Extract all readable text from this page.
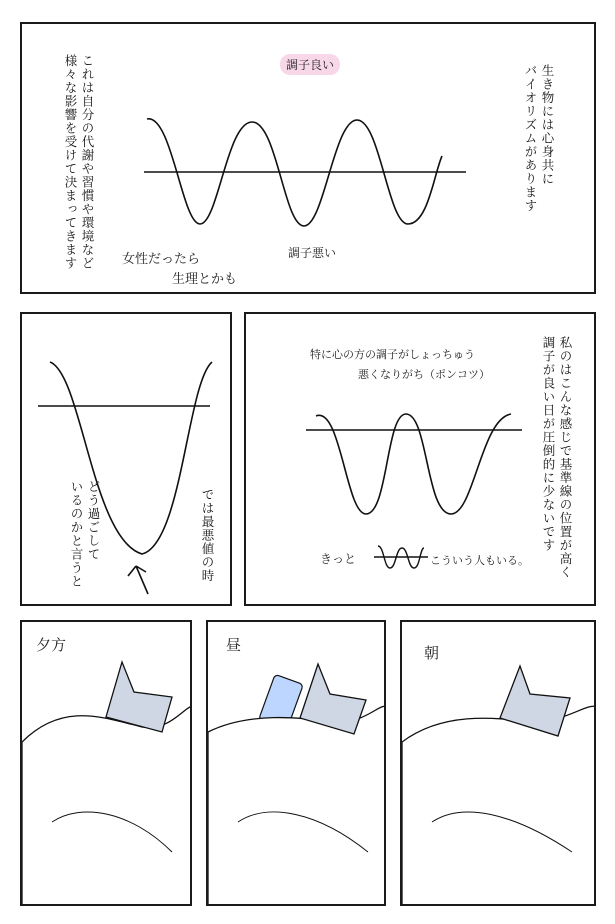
生き物には心身共に
バイオリズムがあります
これは自分の代謝や習慣や環境など
様々な影響を受けて決まってきます	調子良い
調子悪い
女性だったら
生理とかも
では最悪値の時
どう過ごして
いるのかと言うと	私のはこんな感じで基準線の位置が高く
調子が良い日が圧倒的に少ないです
特に心の方の調子がしょっちゅう
悪くなりがち（ポンコツ）
きっと	こういう人もいる。
夕方	昼	朝
